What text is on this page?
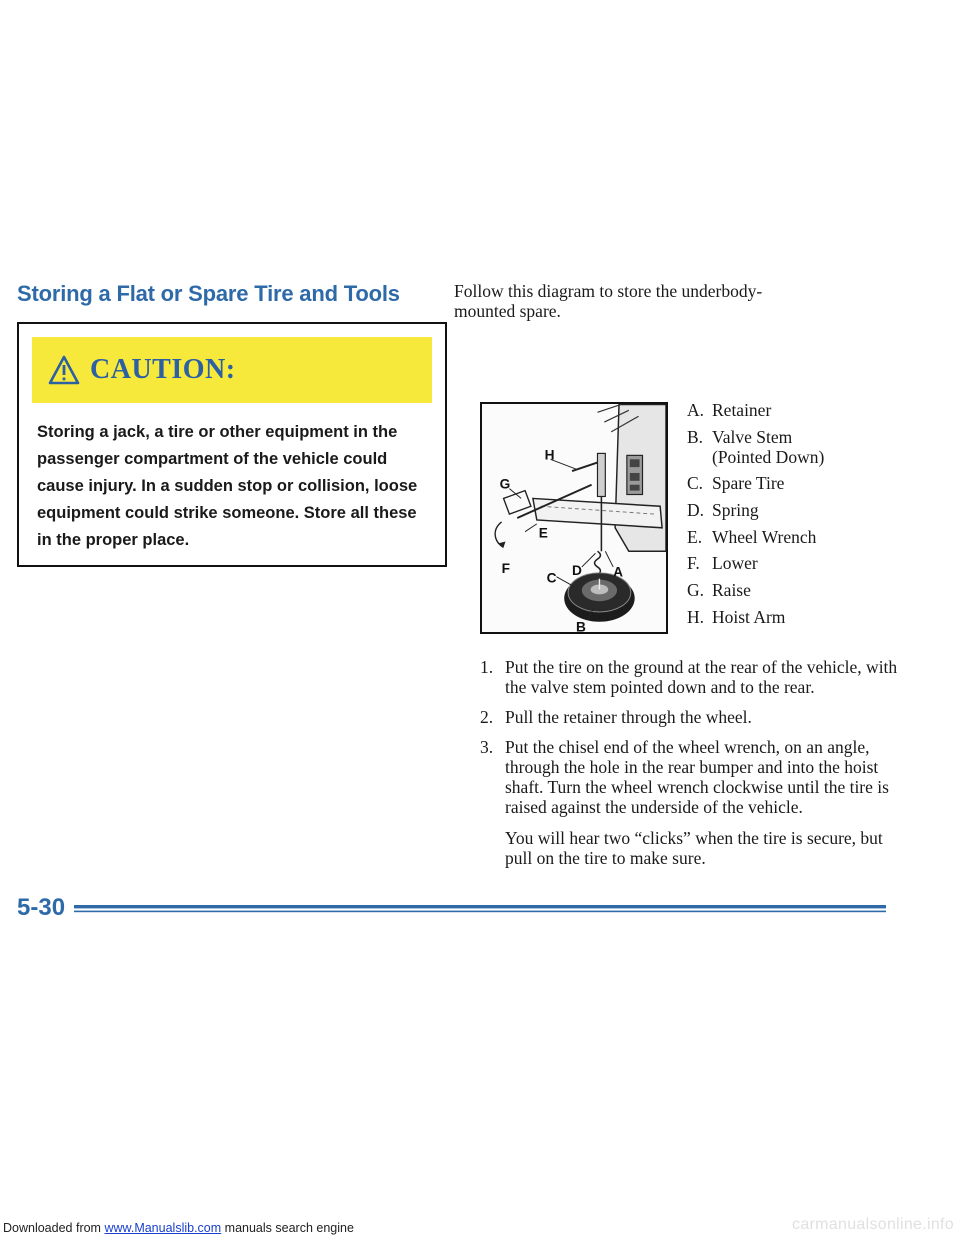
Storing a Flat or Spare Tire and Tools
CAUTION:

Storing a jack, a tire or other equipment in the passenger compartment of the vehicle could cause injury. In a sudden stop or collision, loose equipment could strike someone. Store all these in the proper place.

Follow this diagram to store the underbody-mounted spare.

H
G
E
F	D A
C
B
A. Retainer
B. Valve Stem
(Pointed Down)
C. Spare Tire
D. Spring
E. Wheel Wrench
F. Lower
G. Raise
H. Hoist Arm
1. Put the tire on the ground at the rear of the vehicle, with the valve stem pointed down and to the rear.
2. Pull the retainer through the wheel.
3. Put the chisel end of the wheel wrench, on an angle, through the hole in the rear bumper and into the hoist shaft. Turn the wheel wrench clockwise until the tire is raised against the underside of the vehicle.

You will hear two “clicks” when the tire is secure, but pull on the tire to make sure.

5-30
Downloaded from www.Manualslib.com manuals search engine	carmanualsonline.info
